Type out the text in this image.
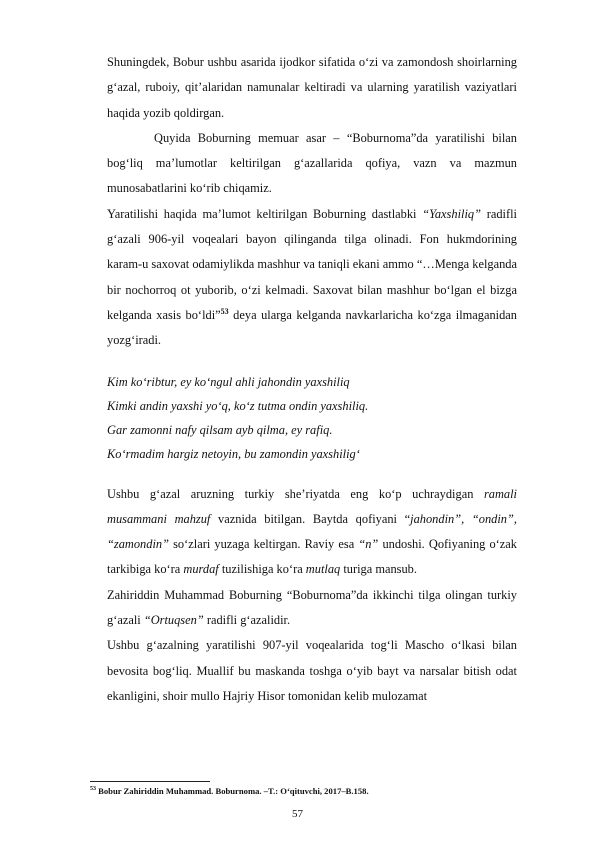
Shuningdek, Bobur ushbu asarida ijodkor sifatida o‘zi va zamondosh shoirlarning g‘azal, ruboiy, qit’alaridan namunalar keltiradi va ularning yaratilish vaziyatlari haqida yozib qoldirgan.

Quyida Boburning memuar asar – “Boburnoma”da yaratilishi bilan bog‘liq ma’lumotlar keltirilgan g‘azallarida qofiya, vazn va mazmun munosabatlarini ko‘rib chiqamiz.

Yaratilishi haqida ma’lumot keltirilgan Boburning dastlabki “Yaxshiliq” radifli g‘azali 906-yil voqealari bayon qilinganda tilga olinadi. Fon hukmdorining karam-u saxovat odamiylikda mashhur va taniqli ekani ammo “…Menga kelganda bir nochorroq ot yuborib, o‘zi kelmadi. Saxovat bilan mashhur bo‘lgan el bizga kelganda xasis bo‘ldi”$^{53}$ deya ularga kelganda navkarlaricha ko‘zga ilmaganidan yozg‘iradi.

Kim ko‘ribtur, ey ko‘ngul ahli jahondin yaxshiliq
Kimki andin yaxshi yo‘q, ko‘z tutma ondin yaxshiliq.
Gar zamonni nafy qilsam ayb qilma, ey rafiq.
Ko‘rmadim hargiz netoyin, bu zamondin yaxshilig‘

Ushbu g‘azal aruzning turkiy she’riyatda eng ko‘p uchraydigan ramali musammani mahzuf vaznida bitilgan. Baytda qofiyani “jahondin”, “ondin”, “zamondin” so‘zlari yuzaga keltirgan. Raviy esa “n” undoshi. Qofiyaning o‘zak tarkibiga ko‘ra murdaf tuzilishiga ko‘ra mutlaq turiga mansub.

Zahiriddin Muhammad Boburning “Boburnoma”da ikkinchi tilga olingan turkiy g‘azali “Ortuqsen” radifli g‘azalidir.

Ushbu g‘azalning yaratilishi 907-yil voqealarida tog‘li Mascho o‘lkasi bilan bevosita bog‘liq. Muallif bu maskanda toshga o‘yib bayt va narsalar bitish odat ekanligini, shoir mullo Hajriy Hisor tomonidan kelib mulozamat

$^{53}$ Bobur Zahiriddin Muhammad. Boburnoma. –T.: O‘qituvchi, 2017–B.158.
57
